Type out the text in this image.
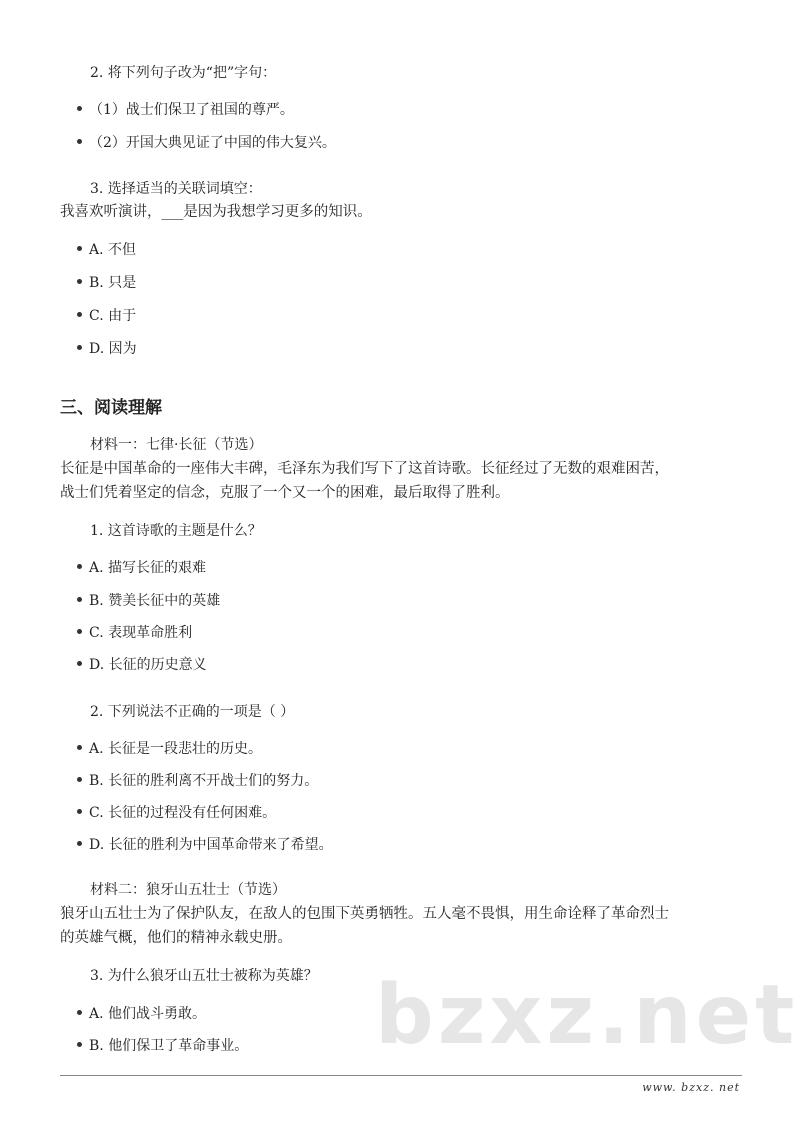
2. 将下列句子改为“把”字句：
（1）战士们保卫了祖国的尊严。
（2）开国大典见证了中国的伟大复兴。
3. 选择适当的关联词填空：
我喜欢听演讲，___是因为我想学习更多的知识。
A. 不但
B. 只是
C. 由于
D. 因为
三、阅读理解
材料一：七律·长征（节选）
长征是中国革命的一座伟大丰碑，毛泽东为我们写下了这首诗歌。长征经过了无数的艰难困苦，
战士们凭着坚定的信念，克服了一个又一个的困难，最后取得了胜利。
1. 这首诗歌的主题是什么？
A. 描写长征的艰难
B. 赞美长征中的英雄
C. 表现革命胜利
D. 长征的历史意义
2. 下列说法不正确的一项是（ ）
A. 长征是一段悲壮的历史。
B. 长征的胜利离不开战士们的努力。
C. 长征的过程没有任何困难。
D. 长征的胜利为中国革命带来了希望。
材料二：狼牙山五壮士（节选）
狼牙山五壮士为了保护队友，在敌人的包围下英勇牺牲。五人毫不畏惧，用生命诠释了革命烈士
的英雄气概，他们的精神永载史册。
3. 为什么狼牙山五壮士被称为英雄？
A. 他们战斗勇敢。
B. 他们保卫了革命事业。 bzxz.net
www. bzxz. net
